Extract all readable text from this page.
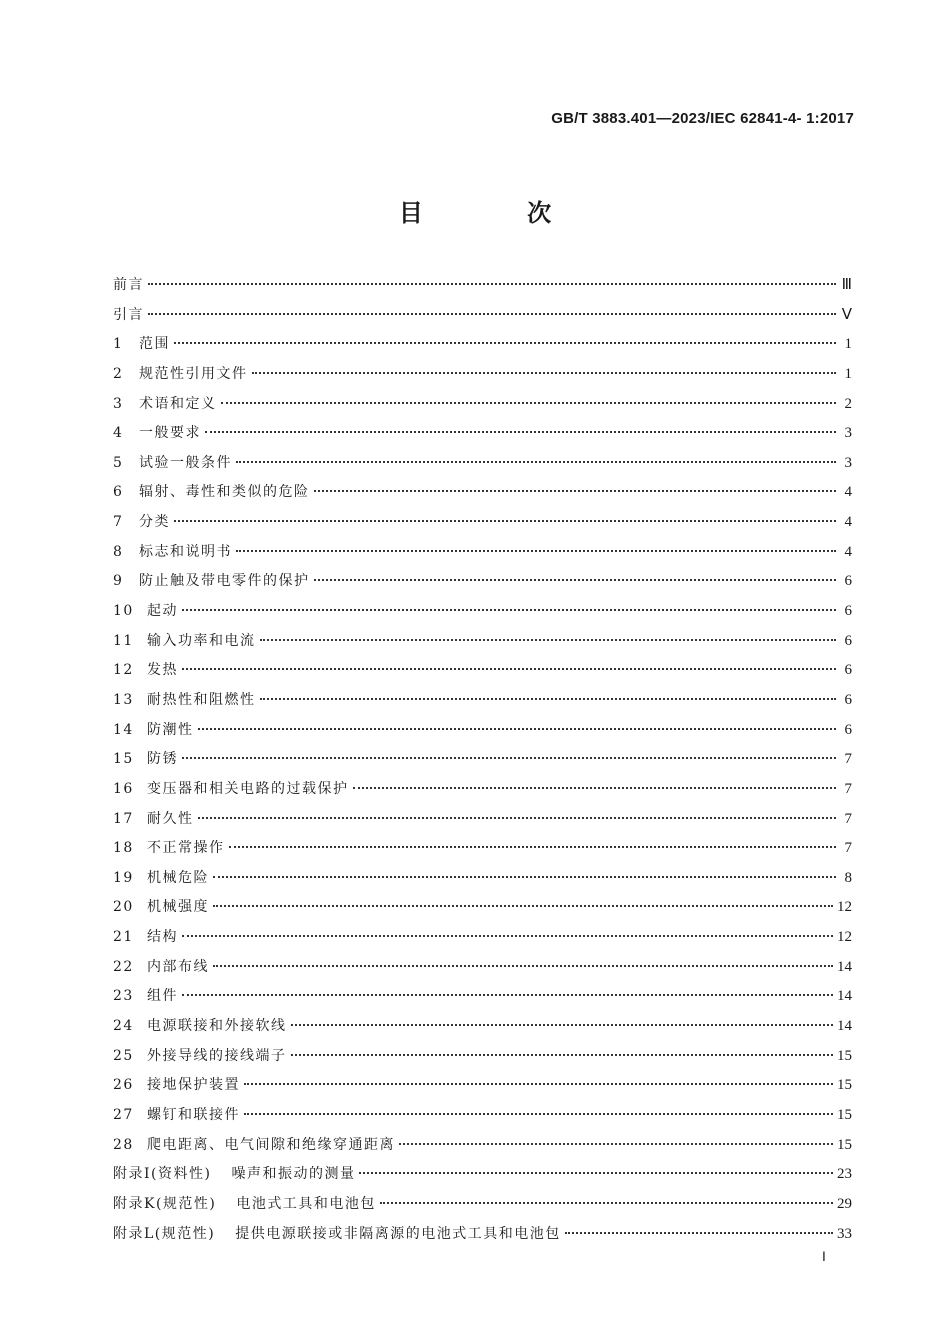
GB/T 3883.401—2023/IEC 62841-4- 1:2017
目 次
前言	Ⅲ
引言	Ⅴ
1	范围	1
2	规范性引用文件	1
3	术语和定义	2
4	一般要求	3
5	试验一般条件	3
6	辐射、毒性和类似的危险	4
7	分类	4
8	标志和说明书	4
9	防止触及带电零件的保护	6
10 起动	6
11 输入功率和电流	6
12 发热	6
13 耐热性和阻燃性	6
14 防潮性	6
15 防锈	7
16 变压器和相关电路的过载保护	7
17 耐久性	7
18 不正常操作	7
19 机械危险	8
20 机械强度	12
21 结构	12
22 内部布线	14
23 组件	14
24 电源联接和外接软线	14
25 外接导线的接线端子	15
26 接地保护装置	15
27 螺钉和联接件	15
28 爬电距离、电气间隙和绝缘穿通距离	15
附录Ⅰ(资料性) 噪声和振动的测量	23
附录K(规范性) 电池式工具和电池包	29
附录L(规范性) 提供电源联接或非隔离源的电池式工具和电池包	33
Ⅰ
